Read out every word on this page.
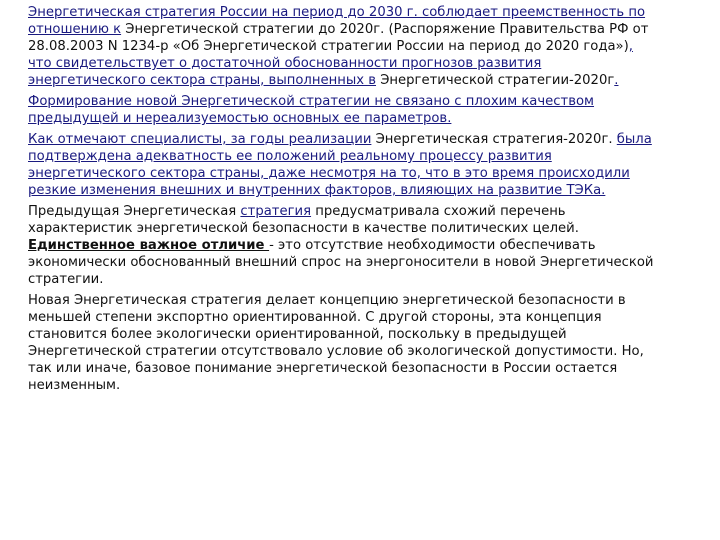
Энергетическая стратегия России на период до 2030 г. соблюдает преемственность по отношению к Энергетической стратегии до 2020г. (Распоряжение Правительства РФ от 28.08.2003 N 1234-р «Об Энергетической стратегии России на период до 2020 года»), что свидетельствует о достаточной обоснованности прогнозов развития энергетического сектора страны, выполненных в Энергетической стратегии-2020г.

Формирование новой Энергетической стратегии не связано с плохим качеством предыдущей и нереализуемостью основных ее параметров.

Как отмечают специалисты, за годы реализации Энергетическая стратегия-2020г. была подтверждена адекватность ее положений реальному процессу развития энергетического сектора страны, даже несмотря на то, что в это время происходили резкие изменения внешних и внутренних факторов, влияющих на развитие ТЭКа.

Предыдущая Энергетическая стратегия предусматривала схожий перечень характеристик энергетической безопасности в качестве политических целей. Единственное важное отличие - это отсутствие необходимости обеспечивать экономически обоснованный внешний спрос на энергоносители в новой Энергетической стратегии.

Новая Энергетическая стратегия делает концепцию энергетической безопасности в меньшей степени экспортно ориентированной. С другой стороны, эта концепция становится более экологически ориентированной, поскольку в предыдущей Энергетической стратегии отсутствовало условие об экологической допустимости. Но, так или иначе, базовое понимание энергетической безопасности в России остается неизменным.
